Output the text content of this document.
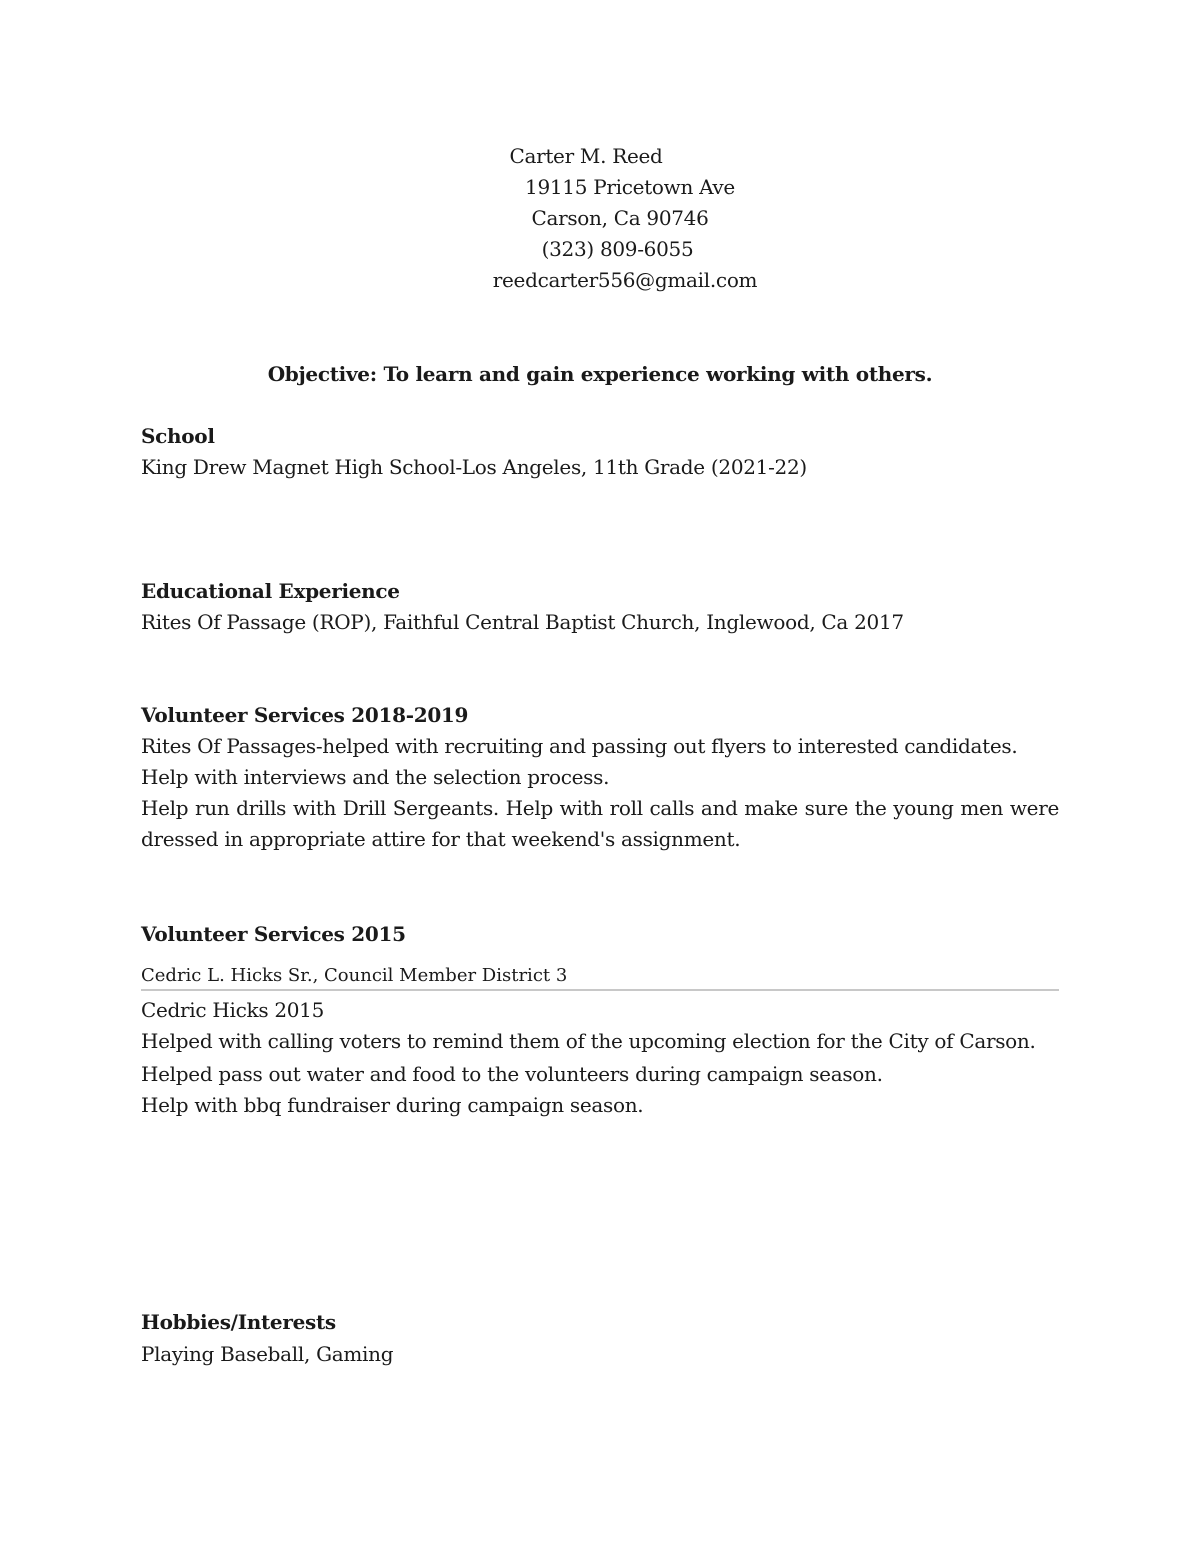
Carter M. Reed
19115 Pricetown Ave
Carson, Ca 90746
(323) 809-6055
reedcarter556@gmail.com
Objective: To learn and gain experience working with others.
School
King Drew Magnet High School-Los Angeles, 11th Grade (2021-22)
Educational Experience
Rites Of Passage (ROP), Faithful Central Baptist Church, Inglewood, Ca 2017
Volunteer Services 2018-2019
Rites Of Passages-helped with recruiting and passing out flyers to interested candidates.
Help with interviews and the selection process.
Help run drills with Drill Sergeants. Help with roll calls and make sure the young men were dressed in appropriate attire for that weekend's assignment.
Volunteer Services 2015
Cedric L. Hicks Sr., Council Member District 3
Cedric Hicks 2015
Helped with calling voters to remind them of the upcoming election for the City of Carson.
Helped pass out water and food to the volunteers during campaign season.
Help with bbq fundraiser during campaign season.
Hobbies/Interests
Playing Baseball, Gaming
